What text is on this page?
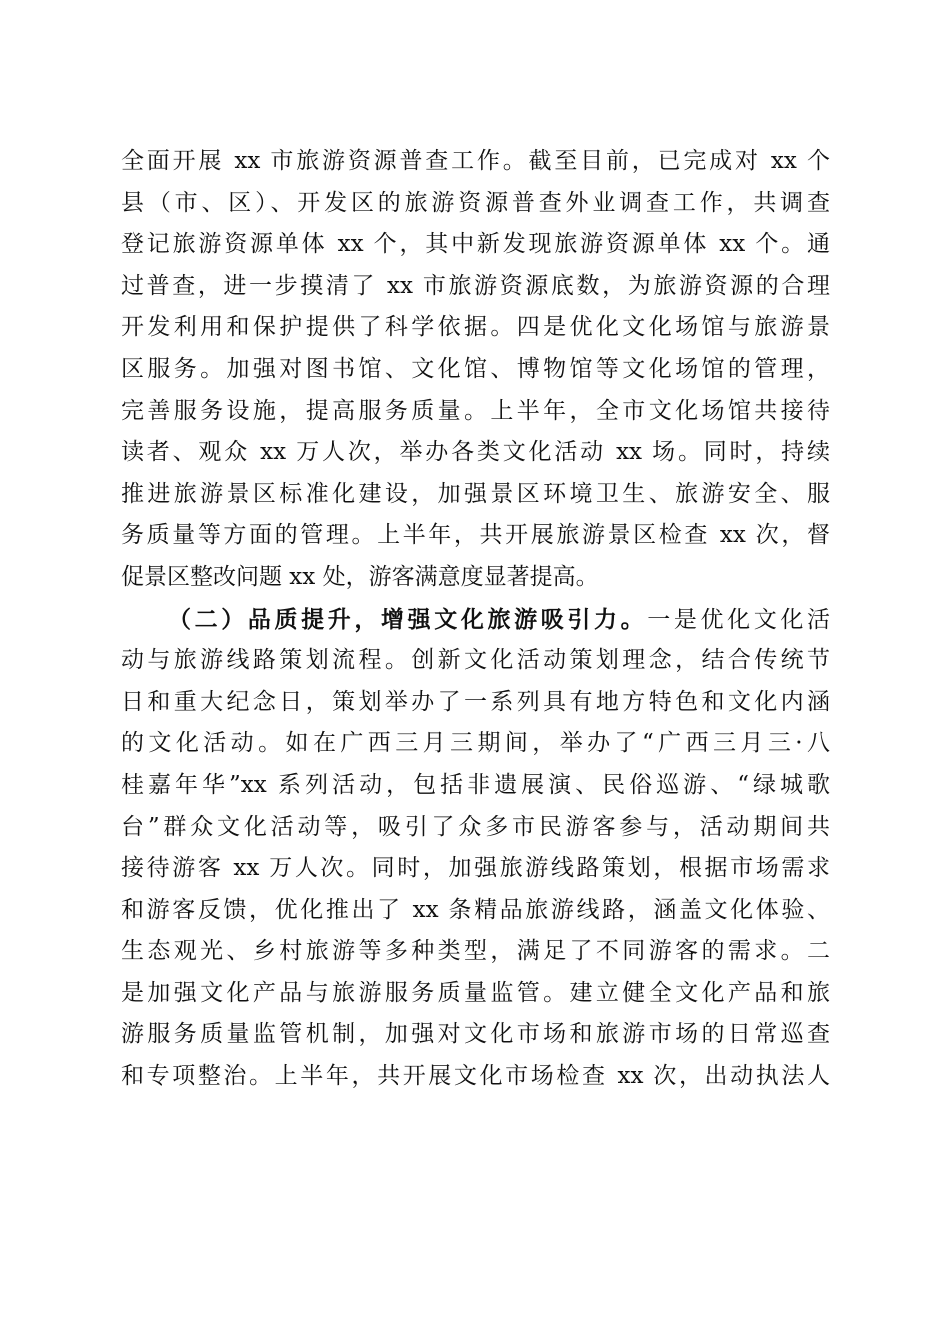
全面开展 xx 市旅游资源普查工作。截至目前，已完成对 xx 个
县（市、区）、开发区的旅游资源普查外业调查工作，共调查
登记旅游资源单体 xx 个，其中新发现旅游资源单体 xx 个。通
过普查，进一步摸清了 xx 市旅游资源底数，为旅游资源的合理
开发利用和保护提供了科学依据。四是优化文化场馆与旅游景
区服务。加强对图书馆、文化馆、博物馆等文化场馆的管理，
完善服务设施，提高服务质量。上半年，全市文化场馆共接待
读者、观众 xx 万人次，举办各类文化活动 xx 场。同时，持续
推进旅游景区标准化建设，加强景区环境卫生、旅游安全、服
务质量等方面的管理。上半年，共开展旅游景区检查 xx 次，督
促景区整改问题 xx 处，游客满意度显著提高。
（二）品质提升，增强文化旅游吸引力。一是优化文化活
动与旅游线路策划流程。创新文化活动策划理念，结合传统节
日和重大纪念日，策划举办了一系列具有地方特色和文化内涵
的文化活动。如在广西三月三期间，举办了“广西三月三·八
桂嘉年华”xx 系列活动，包括非遗展演、民俗巡游、“绿城歌
台”群众文化活动等，吸引了众多市民游客参与，活动期间共
接待游客 xx 万人次。同时，加强旅游线路策划，根据市场需求
和游客反馈，优化推出了 xx 条精品旅游线路，涵盖文化体验、
生态观光、乡村旅游等多种类型，满足了不同游客的需求。二
是加强文化产品与旅游服务质量监管。建立健全文化产品和旅
游服务质量监管机制，加强对文化市场和旅游市场的日常巡查
和专项整治。上半年，共开展文化市场检查 xx 次，出动执法人
